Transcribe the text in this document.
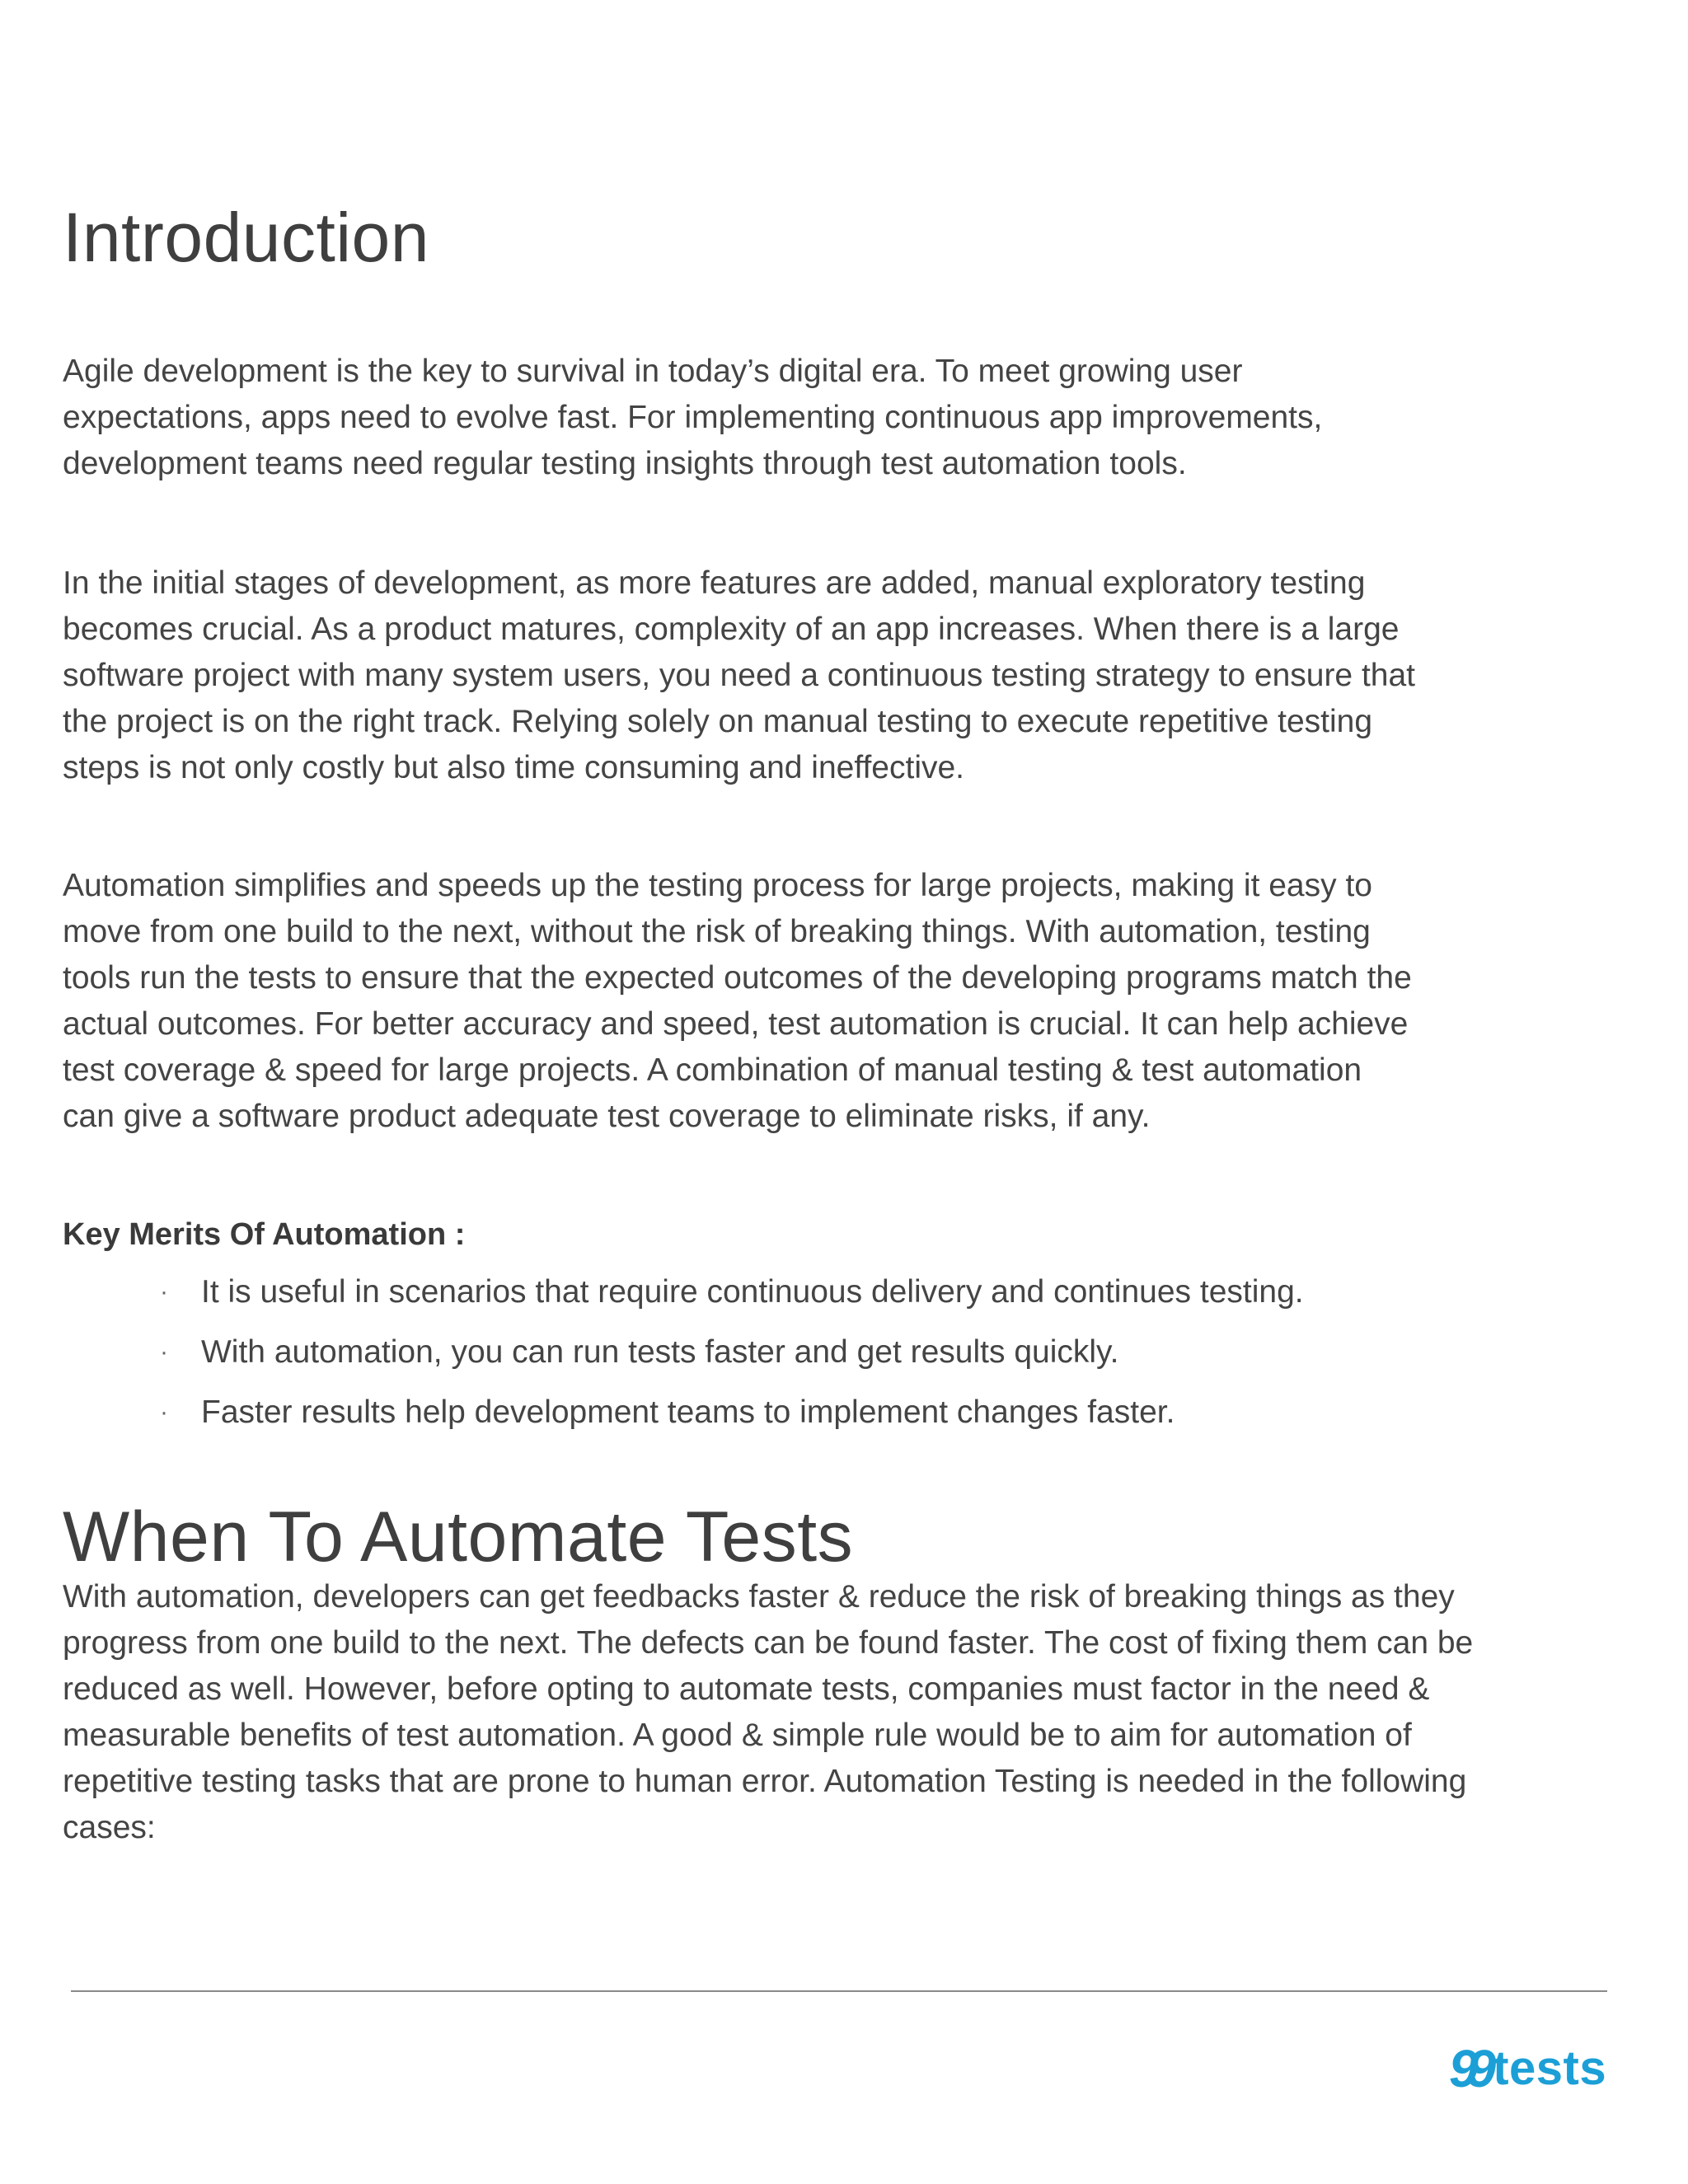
Introduction
Agile development is the key to survival in today’s digital era. To meet growing user
expectations, apps need to evolve fast. For implementing continuous app improvements,
development teams need regular testing insights through test automation tools.
In the initial stages of development, as more features are added, manual exploratory testing
becomes crucial. As a product matures, complexity of an app increases. When there is a large
software project with many system users, you need a continuous testing strategy to ensure that
the project is on the right track. Relying solely on manual testing to execute repetitive testing
steps is not only costly but also time consuming and ineffective.
Automation simplifies and speeds up the testing process for large projects, making it easy to
move from one build to the next, without the risk of breaking things. With automation, testing
tools run the tests to ensure that the expected outcomes of the developing programs match the
actual outcomes. For better accuracy and speed, test automation is crucial. It can help achieve
test coverage & speed for large projects. A combination of manual testing & test automation
can give a software product adequate test coverage to eliminate risks, if any.
Key Merits Of Automation :
· It is useful in scenarios that require continuous delivery and continues testing.
· With automation, you can run tests faster and get results quickly.
· Faster results help development teams to implement changes faster.
When To Automate Tests
With automation, developers can get feedbacks faster & reduce the risk of breaking things as they
progress from one build to the next. The defects can be found faster. The cost of fixing them can be
reduced as well. However, before opting to automate tests, companies must factor in the need &
measurable benefits of test automation. A good & simple rule would be to aim for automation of
repetitive testing tasks that are prone to human error. Automation Testing is needed in the following
cases:
99 tests
